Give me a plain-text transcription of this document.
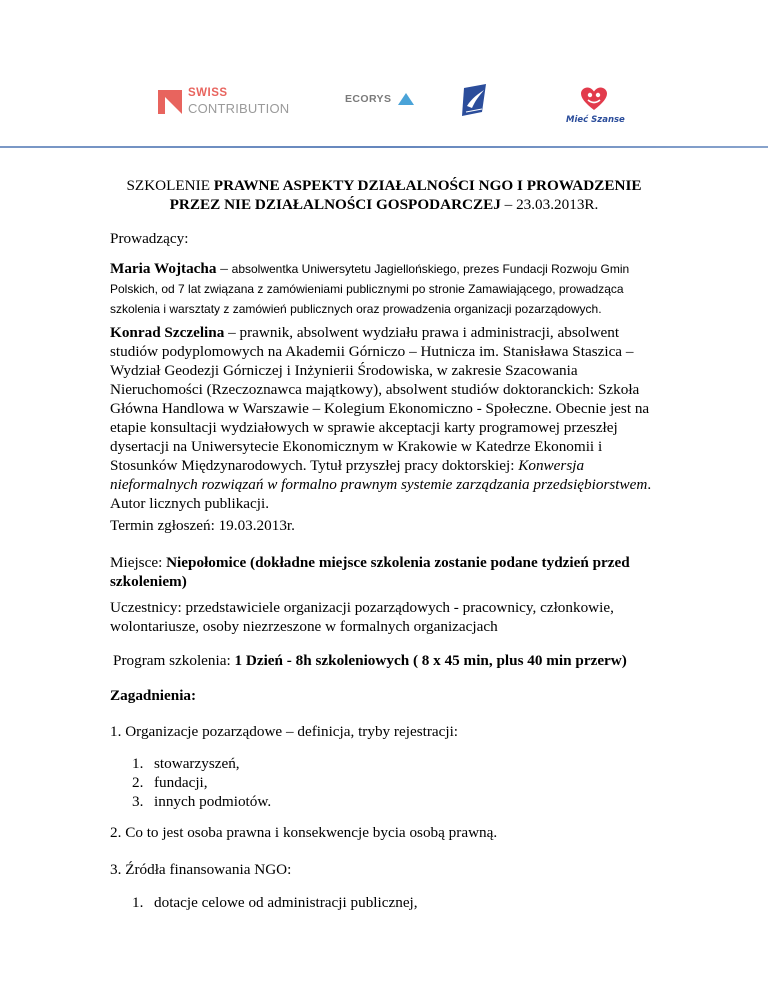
SWISS
CONTRIBUTION
ECORYS
Mieć Szanse
SZKOLENIE PRAWNE ASPEKTY DZIAŁALNOŚCI NGO I PROWADZENIE
PRZEZ NIE DZIAŁALNOŚCI GOSPODARCZEJ – 23.03.2013R.

Prowadzący:

Maria Wojtacha – absolwentka Uniwersytetu Jagiellońskiego, prezes Fundacji Rozwoju Gmin Polskich, od 7 lat związana z zamówieniami publicznymi po stronie Zamawiającego, prowadząca szkolenia i warsztaty z zamówień publicznych oraz prowadzenia organizacji pozarządowych.

Konrad Szczelina – prawnik, absolwent wydziału prawa i administracji, absolwent studiów podyplomowych na Akademii Górniczo – Hutnicza im. Stanisława Staszica – Wydział Geodezji Górniczej i Inżynierii Środowiska, w zakresie Szacowania Nieruchomości (Rzeczoznawca majątkowy), absolwent studiów doktoranckich: Szkoła Główna Handlowa w Warszawie – Kolegium Ekonomiczno - Społeczne. Obecnie jest na etapie konsultacji wydziałowych w sprawie akceptacji karty programowej przeszłej dysertacji na Uniwersytecie Ekonomicznym w Krakowie w Katedrze Ekonomii i Stosunków Międzynarodowych. Tytuł przyszłej pracy doktorskiej: Konwersja nieformalnych rozwiązań w formalno prawnym systemie zarządzania przedsiębiorstwem. Autor licznych publikacji.

Termin zgłoszeń: 19.03.2013r.

Miejsce: Niepołomice (dokładne miejsce szkolenia zostanie podane tydzień przed szkoleniem)

Uczestnicy: przedstawiciele organizacji pozarządowych - pracownicy, członkowie, wolontariusze, osoby niezrzeszone w formalnych organizacjach

Program szkolenia: 1 Dzień - 8h szkoleniowych ( 8 x 45 min, plus 40 min przerw)

Zagadnienia:

1. Organizacje pozarządowe – definicja, tryby rejestracji:

1. stowarzyszeń,
2. fundacji,
3. innych podmiotów.

2. Co to jest osoba prawna i konsekwencje bycia osobą prawną.

3. Źródła finansowania NGO:

1. dotacje celowe od administracji publicznej,
